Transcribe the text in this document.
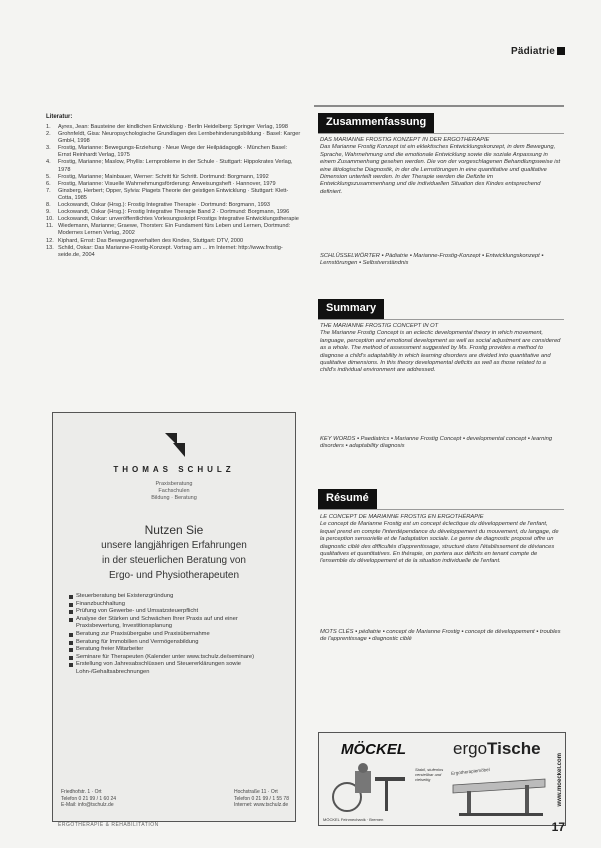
Pädiatrie
Literatur:
1.	Ayres, Jean: Bausteine der kindlichen Entwicklung · Berlin Heidelberg: Springer Verlag, 1998
2.	Grohnfeldt, Gisa: Neuropsychologische Grundlagen des Lernbehinderungsbildung · Basel: Karger GmbH, 1998
3.	Frostig, Marianne: Bewegungs-Erziehung · Neue Wege der Heilpädagogik · München Basel: Ernst Reinhardt Verlag, 1975
4.	Frostig, Marianne; Maslow, Phyllis: Lernprobleme in der Schule · Stuttgart: Hippokrates Verlag, 1978
5.	Frostig, Marianne; Mainbauer, Werner: Schritt für Schritt. Dortmund: Borgmann, 1992
6.	Frostig, Marianne: Visuelle Wahrnehmungsförderung: Anweisungsheft · Hannover, 1979
7.	Ginsberg, Herbert; Opper, Sylvia: Piagets Theorie der geistigen Entwicklung · Stuttgart: Klett-Cotta, 1985
8.	Lockowandt, Oskar (Hrsg.): Frostig Integrative Therapie · Dortmund: Borgmann, 1993
9.	Lockowandt, Oskar (Hrsg.): Frostig Integrative Therapie Band 2 · Dortmund: Borgmann, 1996
10. Lockowandt, Oskar: unveröffentlichtes Vorlesungsskript Frostigs Integrative Entwicklungstherapie
11. Wiedemann, Marianne; Graewe, Thorsten: Ein Fundament fürs Leben und Lernen, Dortmund: Modernes Lernen Verlag, 2002
12. Kiphard, Ernst: Das Bewegungsverhalten des Kindes, Stuttgart: DTV, 2000
13. Schild, Oskar: Das Marianne-Frostig-Konzept. Vortrag am ... im Internet: http://www.frostig-seide.de, 2004
THOMAS SCHULZ
Praxisberatung
Fachschulen
Bildung · Beratung
Nutzen Sie
unsere langjährigen Erfahrungen
in der steuerlichen Beratung von
Ergo- und Physiotherapeuten
Steuerberatung bei Existenzgründung
Finanzbuchhaltung
Prüfung von Gewerbe- und Umsatzsteuerpflicht
Analyse der Stärken und Schwächen Ihrer Praxis auf und einer Praxisbewertung, Investitionsplanung
Beratung zur Praxisübergabe und Praxisübernahme
Beratung für Immobilien und Vermögensbildung
Beratung freier Mitarbeiter
Seminare für Therapeuten (Kalender unter www.tschulz.de/seminare)
Erstellung von Jahresabschlüssen und Steuererklärungen sowie Lohn-/Gehaltsabrechnungen
Friedhofstr. 1 · Ort
Telefon 0 21 99 / 1 60 24
E-Mail: info@tschulz.de
Hochstraße 11 · Ort
Telefon 0 21 99 / 1 55 78
Internet: www.tschulz.de
Zusammenfassung
DAS MARIANNE FROSTIG KONZEPT IN DER ERGOTHERAPIE
Das Marianne Frostig Konzept ist ein eklektisches Entwicklungskonzept, in dem Bewegung, Sprache, Wahrnehmung und die emotionale Entwicklung sowie die soziale Anpassung in einem Zusammenhang gesehen werden. Die von der vorgeschlagenen Behandlungsweise ist eine ätiologische Diagnostik, in der die Lernstörungen in eine quantitative und qualitative Dimension unterteilt werden. In der Therapie werden die Defizite im Entwicklungszusammenhang und die individuellen Situation des Kindes entsprechend definiert.
SCHLÜSSELWÖRTER ▪ Pädiatrie ▪ Marianne-Frostig-Konzept ▪ Entwicklungskonzept ▪ Lernstörungen ▪ Selbstverständnis
Summary
THE MARIANNE FROSTIG CONCEPT IN OT
The Marianne Frostig Concept is an eclectic developmental theory in which movement, language, perception and emotional development as well as social adjustment are considered as a whole. The method of assessment suggested by Ms. Frostig provides a method to diagnose a child's adaptability in which learning disorders are divided into quantitative and qualitative dimensions. In this theory developmental deficits as well as those related to a child's individual environment are addressed.
KEY WORDS ▪ Paediatrics ▪ Marianne Frostig Concept ▪ developmental concept ▪ learning disorders ▪ adaptability diagnosis
Résumé
LE CONCEPT DE MARIANNE FROSTIG EN ERGOTHÉRAPIE
Le concept de Marianne Frostig est un concept éclectique du développement de l'enfant, lequel prend en compte l'interdépendance du développement du mouvement, du langage, de la perception sensorielle et de l'adaptation sociale. Le genre de diagnostic proposé offre un diagnostic ciblé des difficultés d'apprentissage, structuré dans l'établissement de déviances qualitatives et quantitatives. En thérapie, on portera aux déficits en tenant compte de l'ensemble du développement et de la situation individuelle de l'enfant.
MOTS CLÉS ▪ pédiatrie ▪ concept de Marianne Frostig ▪ concept de développement ▪ troubles de l'apprentissage ▪ diagnostic ciblé
MÖCKEL	ergoTische
Stabil, stufenlos verstellbar und vielseitig
Ergotherapiemöbel	www.moeckel.com
MÖCKEL Feinmechanik · Bremen
ERGOTHERAPIE & REHABILITATION	17
